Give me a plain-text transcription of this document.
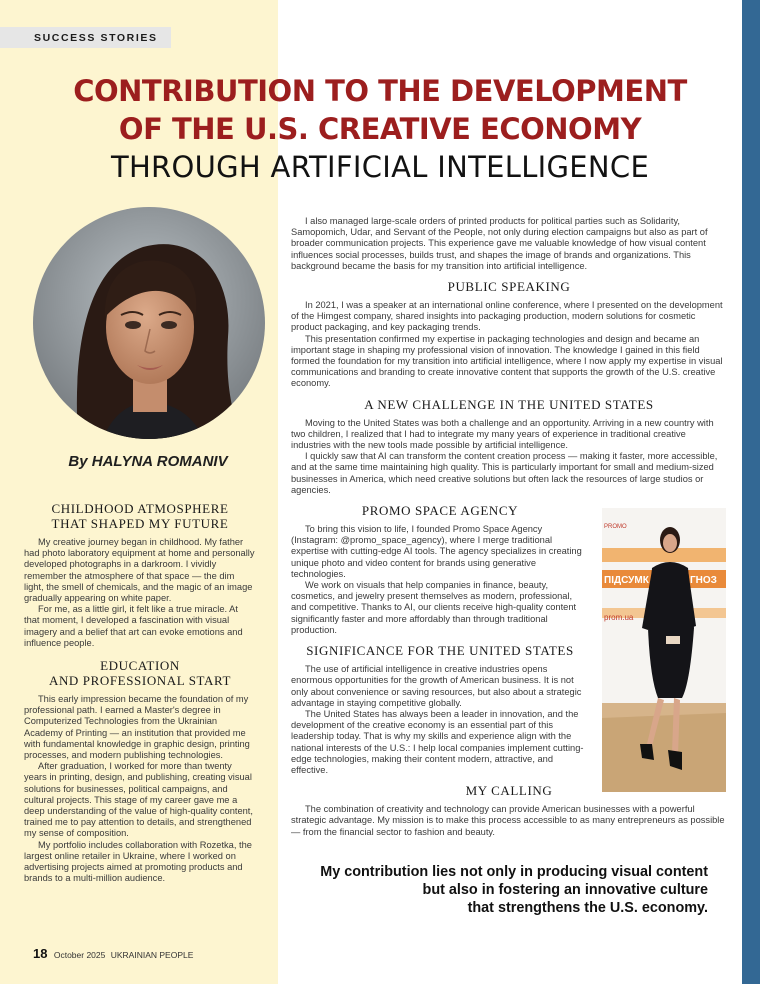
SUCCESS STORIES
CONTRIBUTION TO THE DEVELOPMENT
OF THE U.S. CREATIVE ECONOMY
THROUGH ARTIFICIAL INTELLIGENCE
By HALYNA ROMANIV
CHILDHOOD ATMOSPHERE
THAT SHAPED MY FUTURE

My creative journey began in childhood. My father had photo laboratory equipment at home and personally developed photographs in a darkroom. I vividly remember the atmosphere of that space — the dim light, the smell of chemicals, and the magic of an image gradually appearing on white paper.

For me, as a little girl, it felt like a true miracle. At that moment, I developed a fascination with visual imagery and a belief that art can evoke emotions and influence people.

EDUCATION
AND PROFESSIONAL START

This early impression became the foundation of my professional path. I earned a Master's degree in Computerized Technologies from the Ukrainian Academy of Printing — an institution that provided me with fundamental knowledge in graphic design, printing processes, and modern publishing technologies.

After graduation, I worked for more than twenty years in printing, design, and publishing, creating visual solutions for businesses, political campaigns, and cultural projects. This stage of my career gave me a deep understanding of the value of high-quality content, trained me to pay attention to details, and strengthened my sense of composition.

My portfolio includes collaboration with Rozetka, the largest online retailer in Ukraine, where I worked on advertising projects aimed at promoting products and brands to a multi-million audience.

I also managed large-scale orders of printed products for political parties such as Solidarity, Samopomich, Udar, and Servant of the People, not only during election campaigns but also as part of broader communication projects. This experience gave me valuable knowledge of how visual content influences social processes, builds trust, and shapes the image of brands and organizations. This background became the basis for my transition into artificial intelligence.

PUBLIC SPEAKING

In 2021, I was a speaker at an international online conference, where I presented on the development of the Himgest company, shared insights into packaging production, modern solutions for cosmetic product packaging, and key packaging trends.

This presentation confirmed my expertise in packaging technologies and design and became an important stage in shaping my professional vision of innovation. The knowledge I gained in this field formed the foundation for my transition into artificial intelligence, where I now apply my expertise in visual communications and branding to create innovative content that supports the growth of the U.S. creative economy.

A NEW CHALLENGE IN THE UNITED STATES

Moving to the United States was both a challenge and an opportunity. Arriving in a new country with two children, I realized that I had to integrate my many years of experience in traditional creative industries with the new tools made possible by artificial intelligence.

I quickly saw that AI can transform the content creation process — making it faster, more accessible, and at the same time maintaining high quality. This is particularly important for small and medium-sized businesses in America, which need creative solutions but often lack the resources of large studios or agencies.

PROMO SPACE AGENCY

To bring this vision to life, I founded Promo Space Agency (Instagram: @promo_space_agency), where I merge traditional expertise with cutting-edge AI tools. The agency specializes in creating unique photo and video content for brands using generative technologies.

We work on visuals that help companies in finance, beauty, cosmetics, and jewelry present themselves as modern, professional, and competitive. Thanks to AI, our clients receive high-quality content significantly faster and more affordably than through traditional production.

SIGNIFICANCE FOR THE UNITED STATES

The use of artificial intelligence in creative industries opens enormous opportunities for the growth of American business. It is not only about convenience or saving resources, but also about a strategic advantage in staying competitive globally.

The United States has always been a leader in innovation, and the development of the creative economy is an essential part of this leadership today. That is why my skills and experience align with the national interests of the U.S.: I help local companies implement cutting-edge technologies, making their content modern, attractive, and effective.

MY CALLING

The combination of creativity and technology can provide American businesses with a powerful strategic advantage. My mission is to make this process accessible to as many entrepreneurs as possible — from the financial sector to fashion and beauty.

ПІДСУМК	ГНОЗ
prom.ua
PROMO
My contribution lies not only in producing visual content
but also in fostering an innovative culture
that strengthens the U.S. economy.
18 October 2025 UKRAINIAN PEOPLE
